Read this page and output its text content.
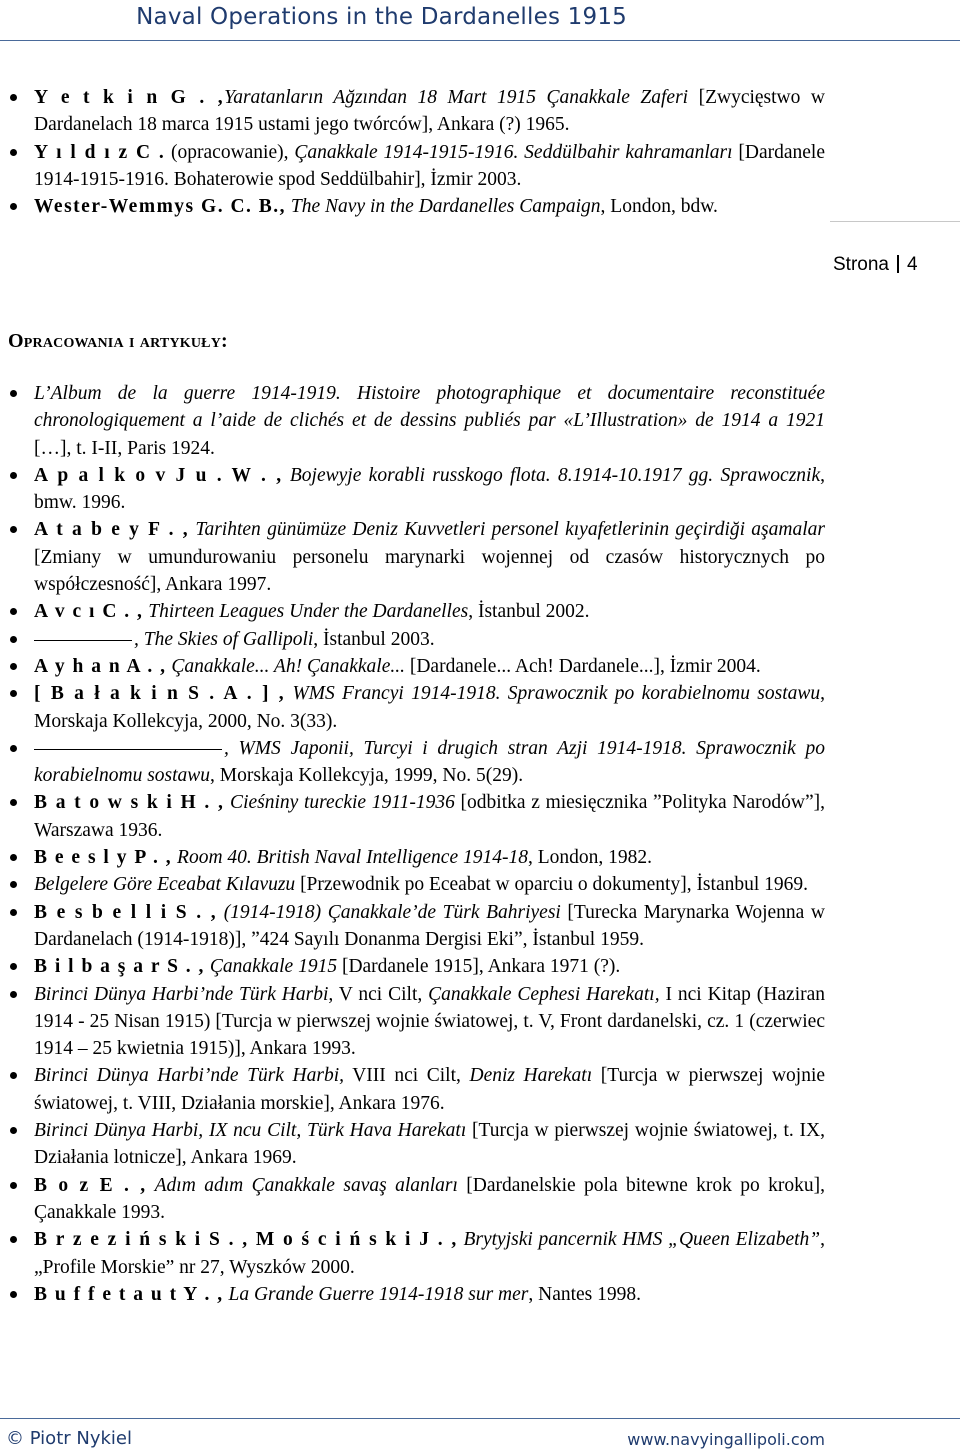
Naval Operations in the Dardanelles 1915
Y e t k i n G . ,Yaratanların Ağzından 18 Mart 1915 Çanakkale Zaferi [Zwycięstwo w Dardanelach 18 marca 1915 ustami jego twórców], Ankara (?) 1965.
Y ı l d ı z C . (opracowanie), Çanakkale 1914-1915-1916. Seddülbahir kahramanları [Dardanele 1914-1915-1916. Bohaterowie spod Seddülbahir], İzmir 2003.
Wester-Wemmys G. C. B., The Navy in the Dardanelles Campaign, London, bdw.
Strona 4
Opracowania i artykuły:
L’Album de la guerre 1914-1919. Histoire photographique et documentaire reconstituée chronologiquement a l’aide de clichés et de dessins publiés par «L’Illustration» de 1914 a 1921 […], t. I-II, Paris 1924.
A p a l k o v J u . W . , Bojewyje korabli russkogo flota. 8.1914-10.1917 gg. Sprawocznik, bmw. 1996.
A t a b e y F . , Tarihten günümüze Deniz Kuvvetleri personel kıyafetlerinin geçirdiği aşamalar [Zmiany w umundurowaniu personelu marynarki wojennej od czasów historycznych po współczesność], Ankara 1997.
A v c ı C . , Thirteen Leagues Under the Dardanelles, İstanbul 2002.
, The Skies of Gallipoli, İstanbul 2003.
A y h a n A . , Çanakkale... Ah! Çanakkale... [Dardanele... Ach! Dardanele...], İzmir 2004.
[ B a ł a k i n S . A . ] , WMS Francyi 1914-1918. Sprawocznik po korabielnomu sostawu, Morskaja Kollekcyja, 2000, No. 3(33).
, WMS Japonii, Turcyi i drugich stran Azji 1914-1918. Sprawocznik po korabielnomu sostawu, Morskaja Kollekcyja, 1999, No. 5(29).
B a t o w s k i H . , Cieśniny tureckie 1911-1936 [odbitka z miesięcznika ˮPolityka Narodówˮ], Warszawa 1936.
B e e s l y P . , Room 40. British Naval Intelligence 1914-18, London, 1982.
Belgelere Göre Eceabat Kılavuzu [Przewodnik po Eceabat w oparciu o dokumenty], İstanbul 1969.
B e s b e l l i S . , (1914-1918) Çanakkale’de Türk Bahriyesi [Turecka Marynarka Wojenna w Dardanelach (1914-1918)], ˮ424 Sayılı Donanma Dergisi Ekiˮ, İstanbul 1959.
B i l b a ş a r S . , Çanakkale 1915 [Dardanele 1915], Ankara 1971 (?).
Birinci Dünya Harbi’nde Türk Harbi, V nci Cilt, Çanakkale Cephesi Harekatı, I nci Kitap (Haziran 1914 - 25 Nisan 1915) [Turcja w pierwszej wojnie światowej, t. V, Front dardanelski, cz. 1 (czerwiec 1914 – 25 kwietnia 1915)], Ankara 1993.
Birinci Dünya Harbi’nde Türk Harbi, VIII nci Cilt, Deniz Harekatı [Turcja w pierwszej wojnie światowej, t. VIII, Działania morskie], Ankara 1976.
Birinci Dünya Harbi, IX ncu Cilt, Türk Hava Harekatı [Turcja w pierwszej wojnie światowej, t. IX, Działania lotnicze], Ankara 1969.
B o z E . , Adım adım Çanakkale savaş alanları [Dardanelskie pola bitewne krok po kroku], Çanakkale 1993.
B r z e z i ń s k i S . , M o ś c i ń s k i J . , Brytyjski pancernik HMS „Queen Elizabeth”, „Profile Morskie” nr 27, Wyszków 2000.
B u f f e t a u t Y . , La Grande Guerre 1914-1918 sur mer, Nantes 1998.
© Piotr Nykiel	www.navyingallipoli.com
